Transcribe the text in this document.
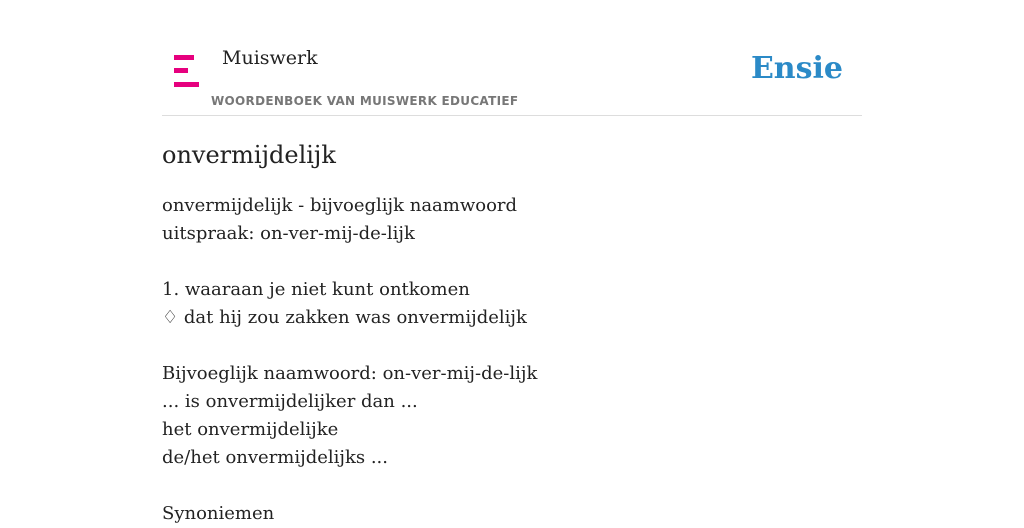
Muiswerk
WOORDENBOEK VAN MUISWERK EDUCATIEF
Ensie
onvermijdelijk
onvermijdelijk - bijvoeglijk naamwoord
uitspraak: on-ver-mij-de-lijk
1. waaraan je niet kunt ontkomen
♢ dat hij zou zakken was onvermijdelijk
Bijvoeglijk naamwoord: on-ver-mij-de-lijk
... is onvermijdelijker dan ...
het onvermijdelijke
de/het onvermijdelijks ...
Synoniemen
